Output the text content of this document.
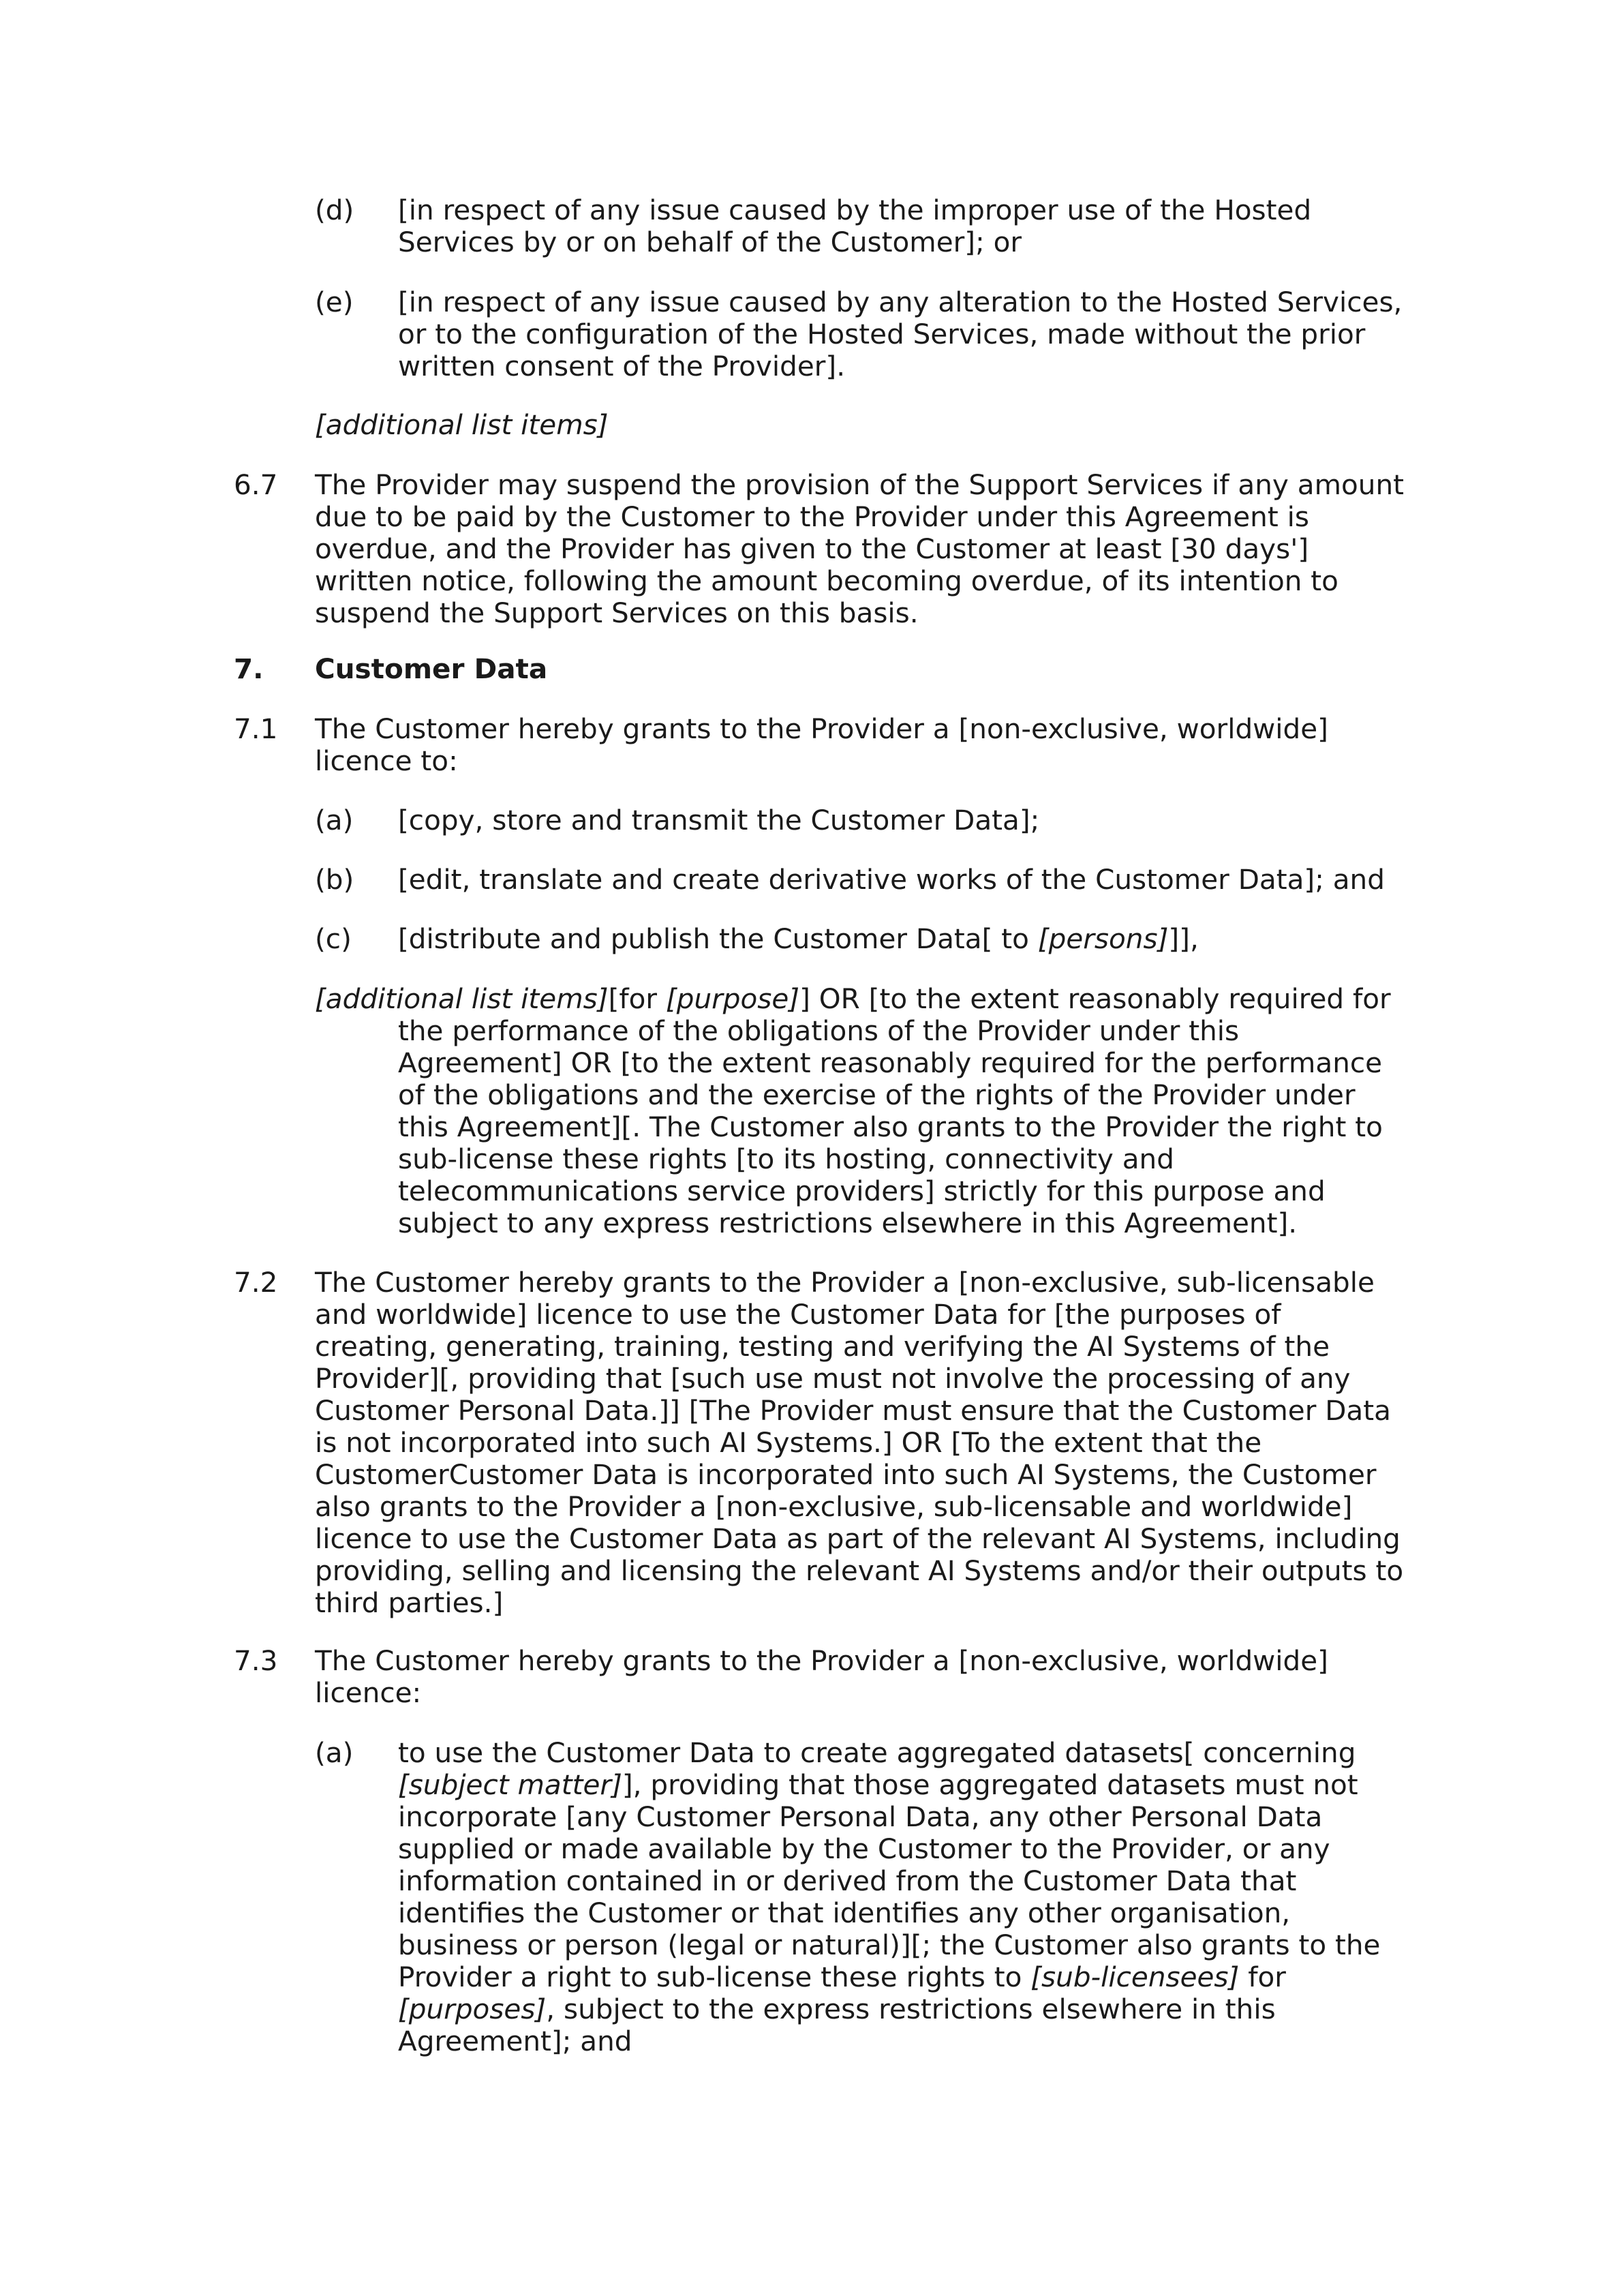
(d) [in respect of any issue caused by the improper use of the Hosted
Services by or on behalf of the Customer]; or
(e) [in respect of any issue caused by any alteration to the Hosted Services,
or to the configuration of the Hosted Services, made without the prior
written consent of the Provider].
[additional list items]
6.7 The Provider may suspend the provision of the Support Services if any amount
due to be paid by the Customer to the Provider under this Agreement is
overdue, and the Provider has given to the Customer at least [30 days']
written notice, following the amount becoming overdue, of its intention to
suspend the Support Services on this basis.
7. Customer Data
7.1 The Customer hereby grants to the Provider a [non-exclusive, worldwide]
licence to:
(a) [copy, store and transmit the Customer Data];
(b) [edit, translate and create derivative works of the Customer Data]; and
(c) [distribute and publish the Customer Data[ to [persons]]],
[additional list items][for [purpose]] OR [to the extent reasonably required for
the performance of the obligations of the Provider under this
Agreement] OR [to the extent reasonably required for the performance
of the obligations and the exercise of the rights of the Provider under
this Agreement][. The Customer also grants to the Provider the right to
sub-license these rights [to its hosting, connectivity and
telecommunications service providers] strictly for this purpose and
subject to any express restrictions elsewhere in this Agreement].
7.2 The Customer hereby grants to the Provider a [non-exclusive, sub-licensable
and worldwide] licence to use the Customer Data for [the purposes of
creating, generating, training, testing and verifying the AI Systems of the
Provider][, providing that [such use must not involve the processing of any
Customer Personal Data.]] [The Provider must ensure that the Customer Data
is not incorporated into such AI Systems.] OR [To the extent that the
CustomerCustomer Data is incorporated into such AI Systems, the Customer
also grants to the Provider a [non-exclusive, sub-licensable and worldwide]
licence to use the Customer Data as part of the relevant AI Systems, including
providing, selling and licensing the relevant AI Systems and/or their outputs to
third parties.]
7.3 The Customer hereby grants to the Provider a [non-exclusive, worldwide]
licence:
(a) to use the Customer Data to create aggregated datasets[ concerning
[subject matter]], providing that those aggregated datasets must not
incorporate [any Customer Personal Data, any other Personal Data
supplied or made available by the Customer to the Provider, or any
information contained in or derived from the Customer Data that
identifies the Customer or that identifies any other organisation,
business or person (legal or natural)][; the Customer also grants to the
Provider a right to sub-license these rights to [sub-licensees] for
[purposes], subject to the express restrictions elsewhere in this
Agreement]; and
